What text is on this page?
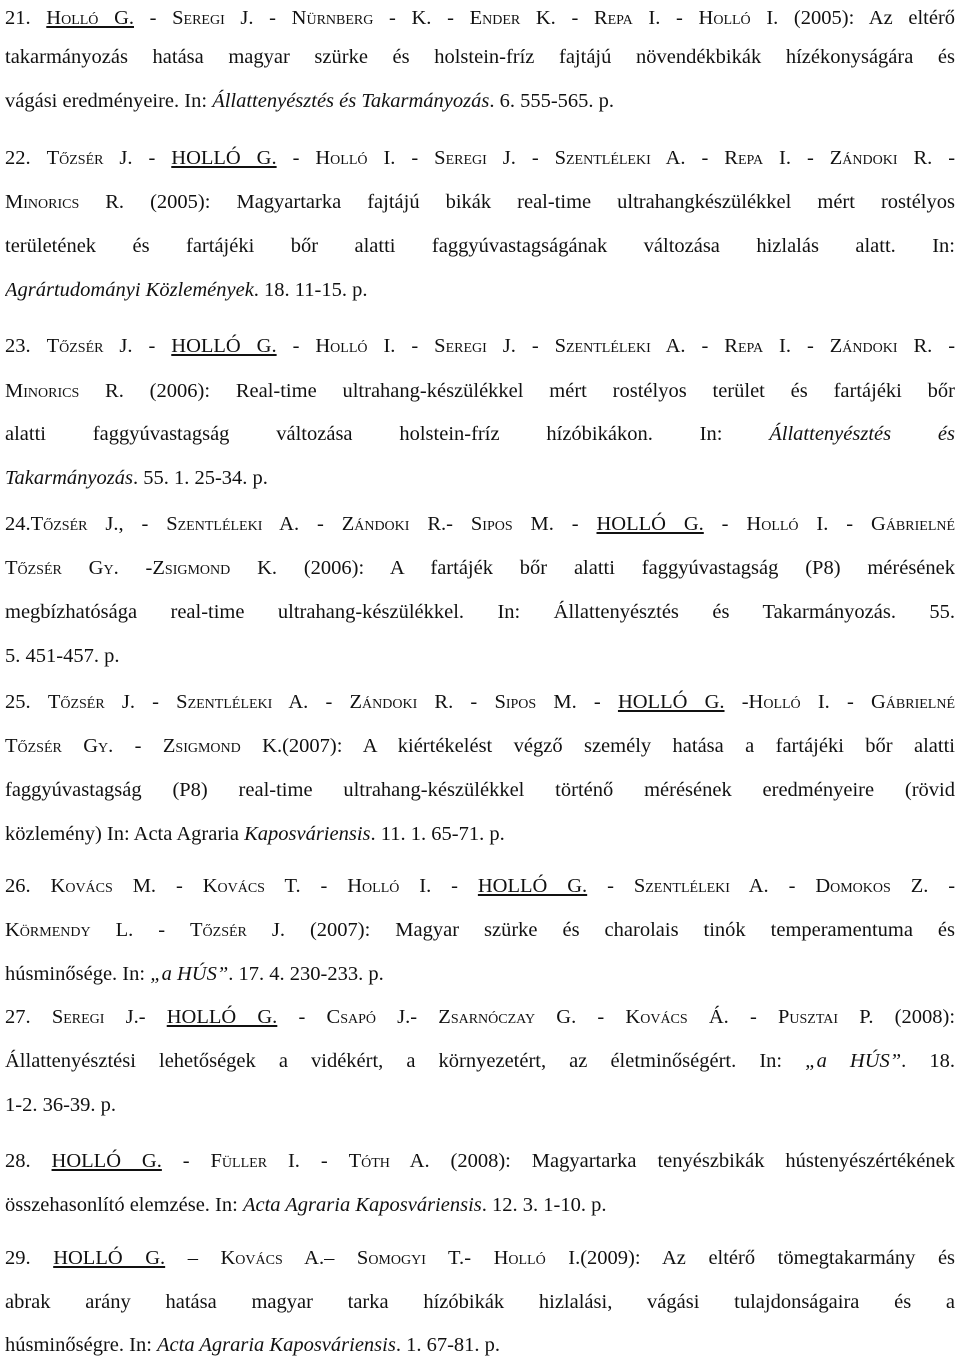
21. Holló G. - Seregi J. - Nürnberg - K. - Ender K. - Repa I. - Holló I. (2005): Az eltérő
takarmányozás hatása magyar szürke és holstein-fríz fajtájú növendékbikák hízékonyságára és
vágási eredményeire. In: Állattenyésztés és Takarmányozás. 6. 555-565. p.
22. Tőzsér J. - HOLLÓ G. - Holló I. - Seregi J. - Szentléleki A. - Repa I. - Zándoki R. -
Minorics R. (2005): Magyartarka fajtájú bikák real-time ultrahangkészülékkel mért rostélyos
területének és fartájéki bőr alatti faggyúvastagságának változása hizlalás alatt. In:
Agrártudományi Közlemények. 18. 11-15. p.
23. Tőzsér J. - HOLLÓ G. - Holló I. - Seregi J. - Szentléleki A. - Repa I. - Zándoki R. -
Minorics R. (2006): Real-time ultrahang-készülékkel mért rostélyos terület és fartájéki bőr
alatti faggyúvastagság változása holstein-fríz hízóbikákon. In: Állattenyésztés és
Takarmányozás. 55. 1. 25-34. p.
24.Tőzsér J., - Szentléleki A. - Zándoki R.- Sipos M. - HOLLÓ G. - Holló I. - Gábrielné
Tőzsér Gy. -Zsigmond K. (2006): A fartájék bőr alatti faggyúvastagság (P8) mérésének
megbízhatósága real-time ultrahang-készülékkel. In: Állattenyésztés és Takarmányozás. 55.
5. 451-457. p.
25. Tőzsér J. - Szentléleki A. - Zándoki R. - Sipos M. - HOLLÓ G. -Holló I. - Gábrielné
Tőzsér Gy. - Zsigmond K.(2007): A kiértékelést végző személy hatása a fartájéki bőr alatti
faggyúvastagság (P8) real-time ultrahang-készülékkel történő mérésének eredményeire (rövid
közlemény) In: Acta Agraria Kaposváriensis. 11. 1. 65-71. p.
26. Kovács M. - Kovács T. - Holló I. - HOLLÓ G. - Szentléleki A. - Domokos Z. -
Körmendy L. - Tőzsér J. (2007): Magyar szürke és charolais tinók temperamentuma és
húsminősége. In: „a HÚS”. 17. 4. 230-233. p.
27. Seregi J.- HOLLÓ G. - Csapó J.- Zsarnóczay G. - Kovács Á. - Pusztai P. (2008):
Állattenyésztési lehetőségek a vidékért, a környezetért, az életminőségért. In: „a HÚS”. 18.
1-2. 36-39. p.
28. HOLLÓ G. - Füller I. - Tóth A. (2008): Magyartarka tenyészbikák hústenyészértékének
összehasonlító elemzése. In: Acta Agraria Kaposváriensis. 12. 3. 1-10. p.
29. HOLLÓ G. – Kovács A.– Somogyi T.- Holló I.(2009): Az eltérő tömegtakarmány és
abrak arány hatása magyar tarka hízóbikák hizlalási, vágási tulajdonságaira és a
húsminőségre. In: Acta Agraria Kaposváriensis. 1. 67-81. p.
